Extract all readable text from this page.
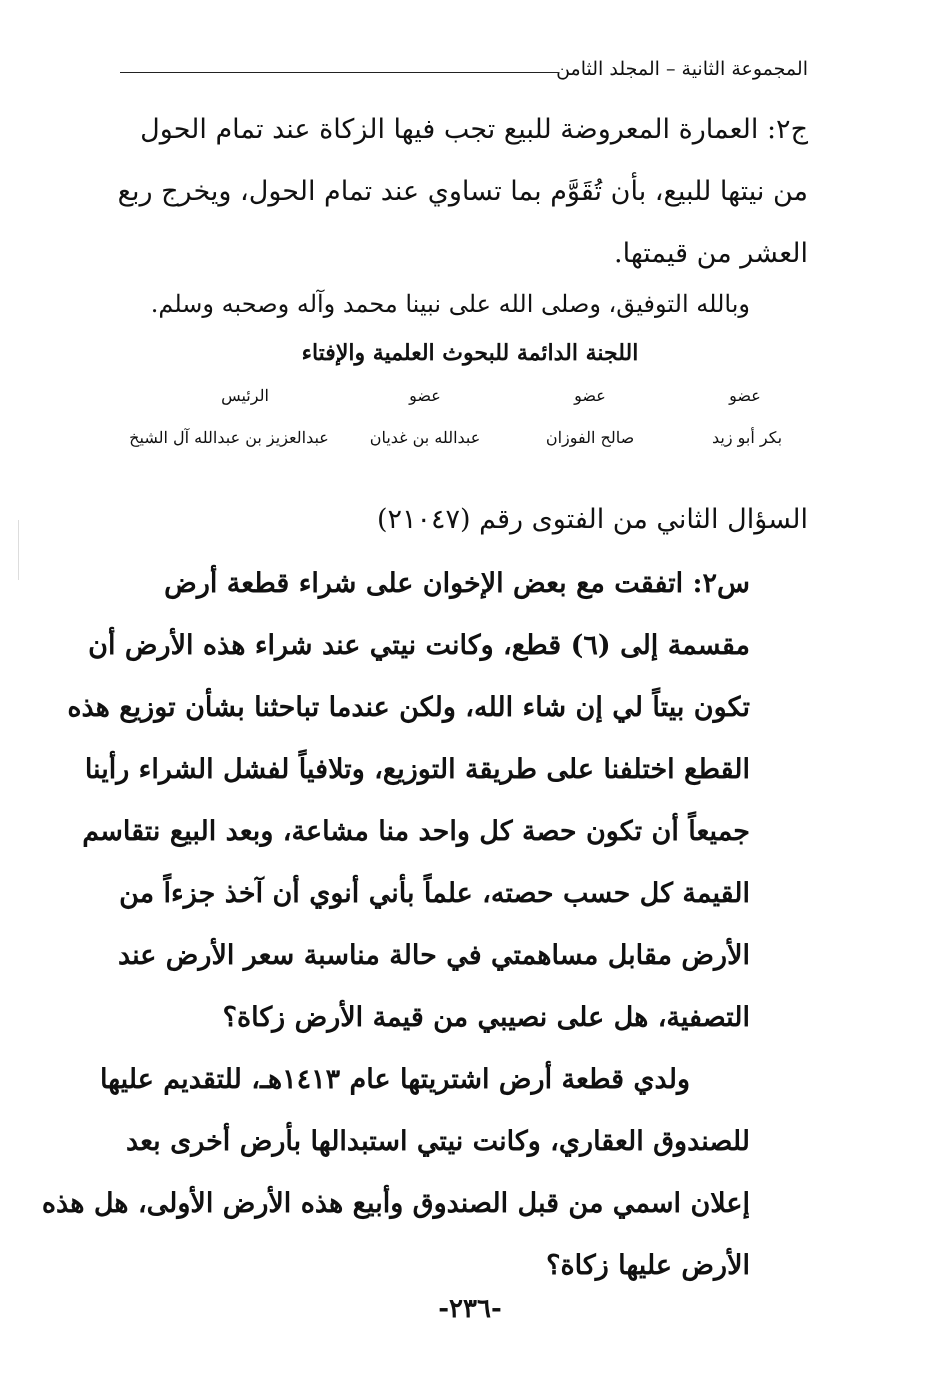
المجموعة الثانية – المجلد الثامن
ج٢: العمارة المعروضة للبيع تجب فيها الزكاة عند تمام الحول
من نيتها للبيع، بأن تُقَوَّم بما تساوي عند تمام الحول، ويخرج ربع
العشر من قيمتها.
وبالله التوفيق، وصلى الله على نبينا محمد وآله وصحبه وسلم.
اللجنة الدائمة للبحوث العلمية والإفتاء
عضو
عضو
عضو
الرئيس
بكر أبو زيد
صالح الفوزان
عبدالله بن غديان
عبدالعزيز بن عبدالله آل الشيخ
السؤال الثاني من الفتوى رقم (٢١٠٤٧)
س٢: اتفقت مع بعض الإخوان على شراء قطعة أرض
مقسمة إلى (٦) قطع، وكانت نيتي عند شراء هذه الأرض أن
تكون بيتاً لي إن شاء الله، ولكن عندما تباحثنا بشأن توزيع هذه
القطع اختلفنا على طريقة التوزيع، وتلافياً لفشل الشراء رأينا
جميعاً أن تكون حصة كل واحد منا مشاعة، وبعد البيع نتقاسم
القيمة كل حسب حصته، علماً بأني أنوي أن آخذ جزءاً من
الأرض مقابل مساهمتي في حالة مناسبة سعر الأرض عند
التصفية، هل على نصيبي من قيمة الأرض زكاة؟
ولدي قطعة أرض اشتريتها عام ١٤١٣هـ، للتقديم عليها
للصندوق العقاري، وكانت نيتي استبدالها بأرض أخرى بعد
إعلان اسمي من قبل الصندوق وأبيع هذه الأرض الأولى، هل هذه
الأرض عليها زكاة؟
-٢٣٦-
